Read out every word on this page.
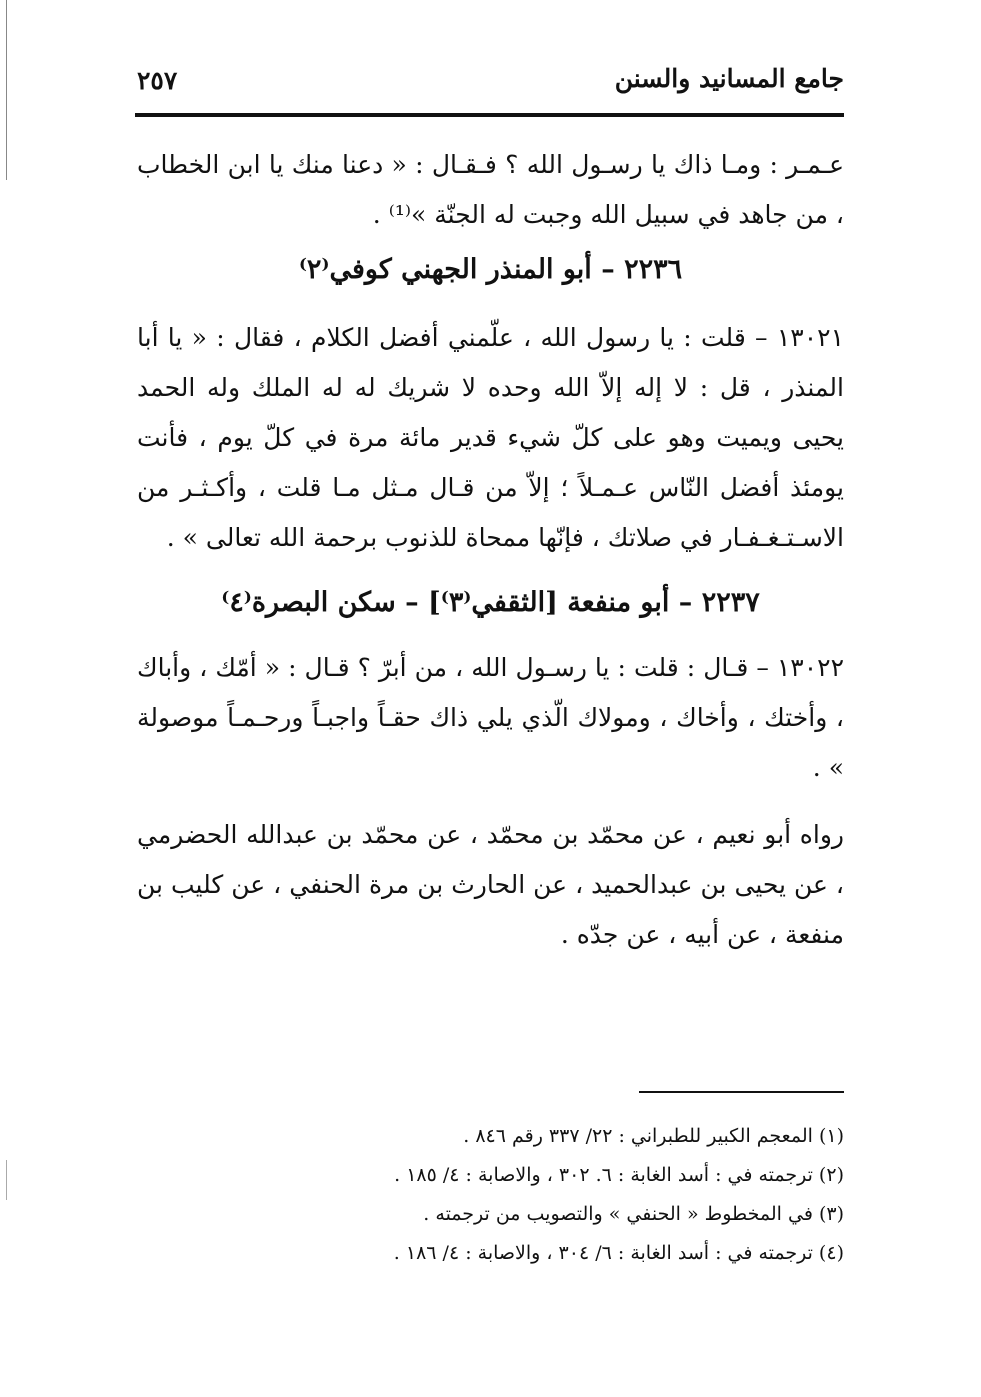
جامع المسانيد والسنن
٢٥٧

عـمـر : ومـا ذاك يا رسـول الله ؟ فـقـال : « دعنا منك يا ابن الخطاب ، من جاهد في سبيل الله وجبت له الجنّة »⁽¹⁾ .

٢٢٣٦ – أبو المنذر الجهني كوفي⁽٢⁾

١٣٠٢١ – قلت : يا رسول الله ، علّمني أفضل الكلام ، فقال : « يا أبا المنذر ، قل : لا إله إلاّ الله وحده لا شريك له له الملك وله الحمد يحيى ويميت وهو على كلّ شيء قدير مائة مرة في كلّ يوم ، فأنت يومئذ أفضل النّاس عـمـلاً ؛ إلاّ من قـال مـثل مـا قلت ، وأكـثـر من الاسـتـغـفـار في صلاتك ، فإنّها ممحاة للذنوب برحمة الله تعالى » .

٢٢٣٧ – أبو منفعة [الثقفي⁽٣⁾] – سكن البصرة⁽٤⁾

١٣٠٢٢ – قـال : قلت : يا رسـول الله ، من أبرّ ؟ قـال : « أمّك ، وأباك ، وأختك ، وأخاك ، ومولاك الّذي يلي ذاك حقـاً واجبـاً ورحـمـاً موصولة » .

رواه أبو نعيم ، عن محمّد بن محمّد ، عن محمّد بن عبدالله الحضرمي ، عن يحيى بن عبدالحميد ، عن الحارث بن مرة الحنفي ، عن كليب بن منفعة ، عن أبيه ، عن جدّه .

(١) المعجم الكبير للطبراني : ٢٢/ ٣٣٧ رقم ٨٤٦ .
(٢) ترجمته في : أسد الغابة : ٦. ٣٠٢ ، والاصابة : ٤/ ١٨٥ .
(٣) في المخطوط « الحنفي » والتصويب من ترجمته .
(٤) ترجمته في : أسد الغابة : ٦/ ٣٠٤ ، والاصابة : ٤/ ١٨٦ .
